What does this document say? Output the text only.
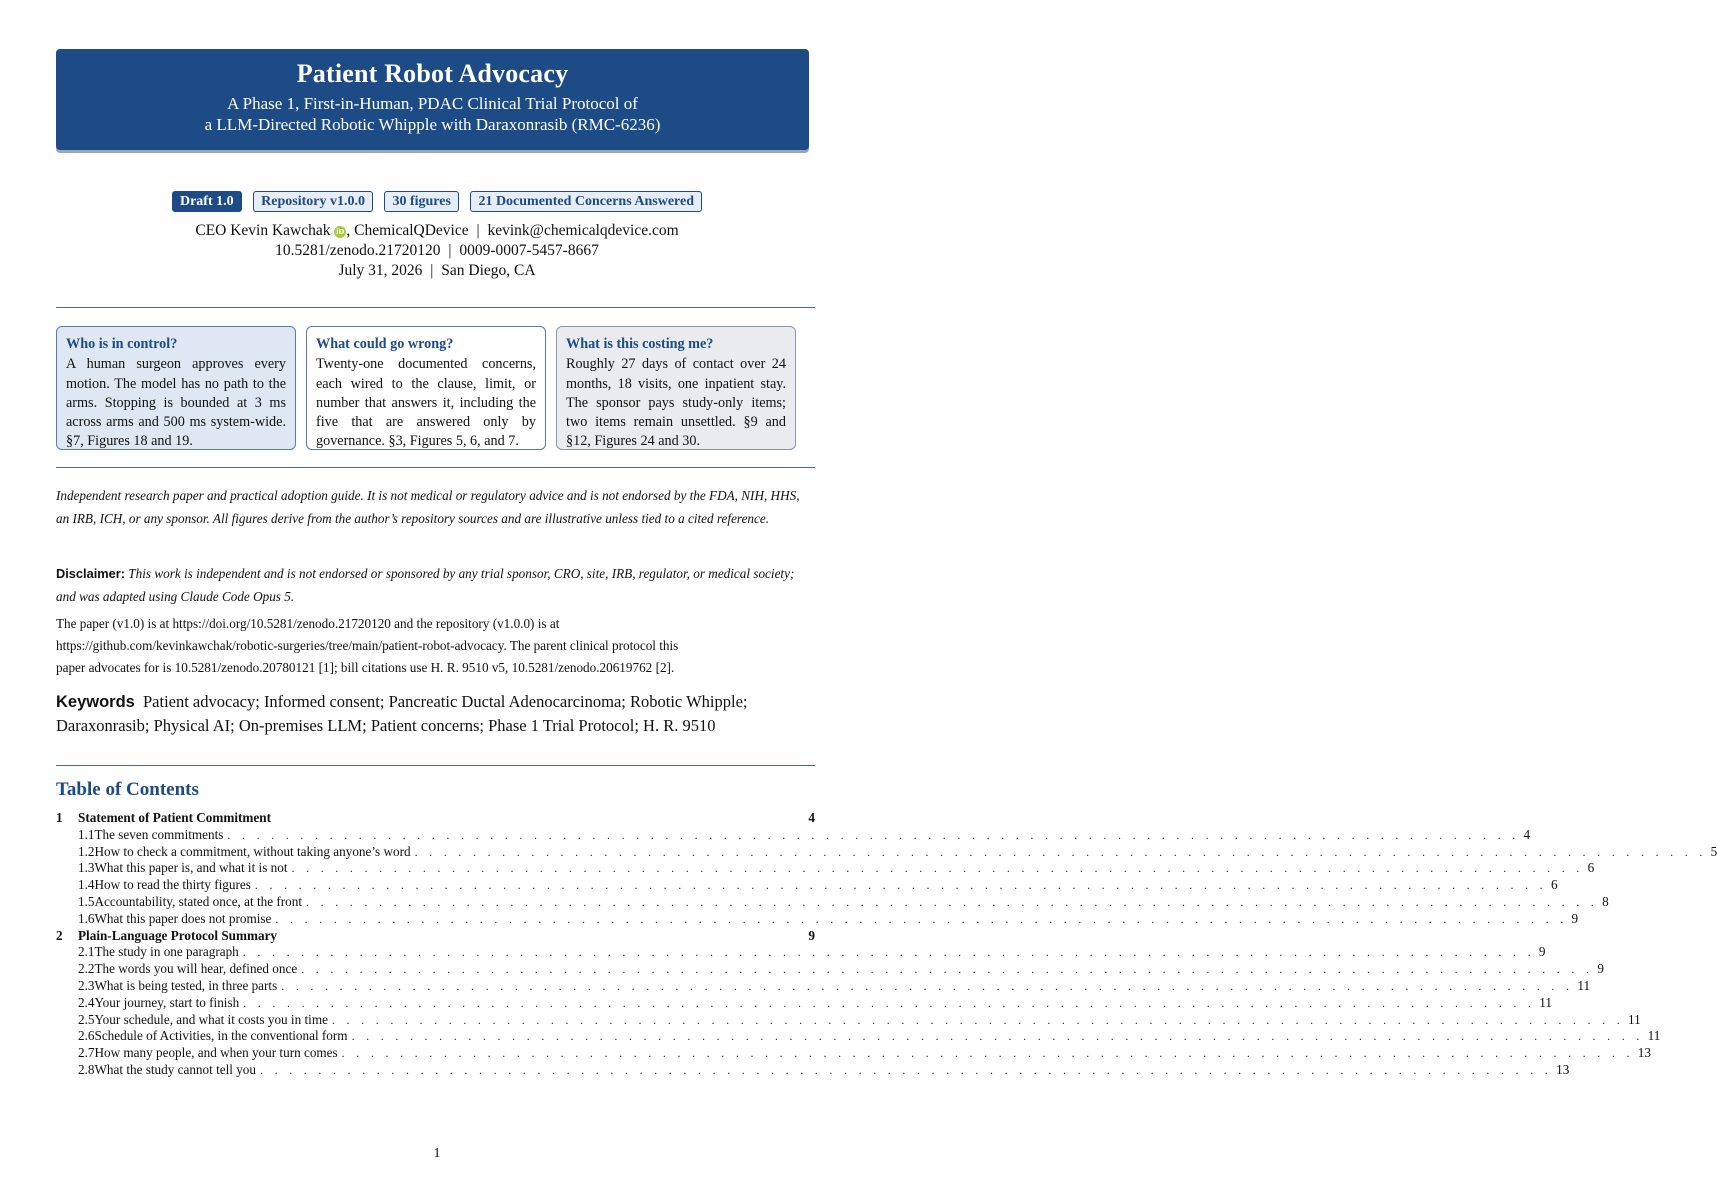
Patient Robot Advocacy
A Phase 1, First-in-Human, PDAC Clinical Trial Protocol of
a LLM-Directed Robotic Whipple with Daraxonrasib (RMC-6236)
Draft 1.0 Repository v1.0.0 30 figures 21 Documented Concerns Answered
CEO Kevin Kawchak iD , ChemicalQDevice | kevink@chemicalqdevice.com
10.5281/zenodo.21720120 | 0009-0007-5457-8667
July 31, 2026 | San Diego, CA
Who is in control?

A human surgeon approves every motion. The model has no path to the arms. Stopping is bounded at 3 ms across arms and 500 ms system-wide. §7, Figures 18 and 19.

What could go wrong?

Twenty-one documented concerns, each wired to the clause, limit, or number that answers it, including the five that are answered only by governance. §3, Figures 5, 6, and 7.

What is this costing me?

Roughly 27 days of contact over 24 months, 18 visits, one inpatient stay. The sponsor pays study-only items; two items remain unsettled. §9 and §12, Figures 24 and 30.

Independent research paper and practical adoption guide. It is not medical or regulatory advice and is not endorsed by the FDA, NIH, HHS, an IRB, ICH, or any sponsor. All figures derive from the author’s repository sources and are illustrative unless tied to a cited reference.
Disclaimer: This work is independent and is not endorsed or sponsored by any trial sponsor, CRO, site, IRB, regulator, or medical society; and was adapted using Claude Code Opus 5.
The paper (v1.0) is at https://doi.org/10.5281/zenodo.21720120 and the repository (v1.0.0) is at
https://github.com/kevinkawchak/robotic-surgeries/tree/main/patient-robot-advocacy. The parent clinical protocol this
paper advocates for is 10.5281/zenodo.20780121 [1]; bill citations use H. R. 9510 v5, 10.5281/zenodo.20619762 [2].
Keywords Patient advocacy; Informed consent; Pancreatic Ductal Adenocarcinoma; Robotic Whipple; Daraxonrasib; Physical AI; On-premises LLM; Patient concerns; Phase 1 Trial Protocol; H. R. 9510
Table of Contents
1	Statement of Patient Commitment	4
1.1 The seven commitments . . . . . . . . . . . . . . . . . . . . . . . . . . . . . . . . . . . . . . . . . . . . . . . . . . . . . . . . . . . . . . . . . . . . . . . . . . . . . . . . . . . . . . . . . 4
1.2 How to check a commitment, without taking anyone’s word . . . . . . . . . . . . . . . . . . . . . . . . . . . . . . . . . . . . . . . . . . . . . . . . . . . . . . . . . . . . . . . . . . . . . . . . . . . . . . . . . . . . . . . . . 5
1.3 What this paper is, and what it is not . . . . . . . . . . . . . . . . . . . . . . . . . . . . . . . . . . . . . . . . . . . . . . . . . . . . . . . . . . . . . . . . . . . . . . . . . . . . . . . . . . . . . . . . . 6
1.4 How to read the thirty figures . . . . . . . . . . . . . . . . . . . . . . . . . . . . . . . . . . . . . . . . . . . . . . . . . . . . . . . . . . . . . . . . . . . . . . . . . . . . . . . . . . . . . . . . . 6
1.5 Accountability, stated once, at the front . . . . . . . . . . . . . . . . . . . . . . . . . . . . . . . . . . . . . . . . . . . . . . . . . . . . . . . . . . . . . . . . . . . . . . . . . . . . . . . . . . . . . . . . . 8
1.6 What this paper does not promise . . . . . . . . . . . . . . . . . . . . . . . . . . . . . . . . . . . . . . . . . . . . . . . . . . . . . . . . . . . . . . . . . . . . . . . . . . . . . . . . . . . . . . . . . 9
2	Plain-Language Protocol Summary	9
2.1 The study in one paragraph . . . . . . . . . . . . . . . . . . . . . . . . . . . . . . . . . . . . . . . . . . . . . . . . . . . . . . . . . . . . . . . . . . . . . . . . . . . . . . . . . . . . . . . . . 9
2.2 The words you will hear, defined once . . . . . . . . . . . . . . . . . . . . . . . . . . . . . . . . . . . . . . . . . . . . . . . . . . . . . . . . . . . . . . . . . . . . . . . . . . . . . . . . . . . . . . . . . 9
2.3 What is being tested, in three parts . . . . . . . . . . . . . . . . . . . . . . . . . . . . . . . . . . . . . . . . . . . . . . . . . . . . . . . . . . . . . . . . . . . . . . . . . . . . . . . . . . . . . . . . . 11
2.4 Your journey, start to finish . . . . . . . . . . . . . . . . . . . . . . . . . . . . . . . . . . . . . . . . . . . . . . . . . . . . . . . . . . . . . . . . . . . . . . . . . . . . . . . . . . . . . . . . . 11
2.5 Your schedule, and what it costs you in time . . . . . . . . . . . . . . . . . . . . . . . . . . . . . . . . . . . . . . . . . . . . . . . . . . . . . . . . . . . . . . . . . . . . . . . . . . . . . . . . . . . . . . . . . 11
2.6 Schedule of Activities, in the conventional form . . . . . . . . . . . . . . . . . . . . . . . . . . . . . . . . . . . . . . . . . . . . . . . . . . . . . . . . . . . . . . . . . . . . . . . . . . . . . . . . . . . . . . . . . 11
2.7 How many people, and when your turn comes . . . . . . . . . . . . . . . . . . . . . . . . . . . . . . . . . . . . . . . . . . . . . . . . . . . . . . . . . . . . . . . . . . . . . . . . . . . . . . . . . . . . . . . . . 13
2.8 What the study cannot tell you . . . . . . . . . . . . . . . . . . . . . . . . . . . . . . . . . . . . . . . . . . . . . . . . . . . . . . . . . . . . . . . . . . . . . . . . . . . . . . . . . . . . . . . . . 13
1
